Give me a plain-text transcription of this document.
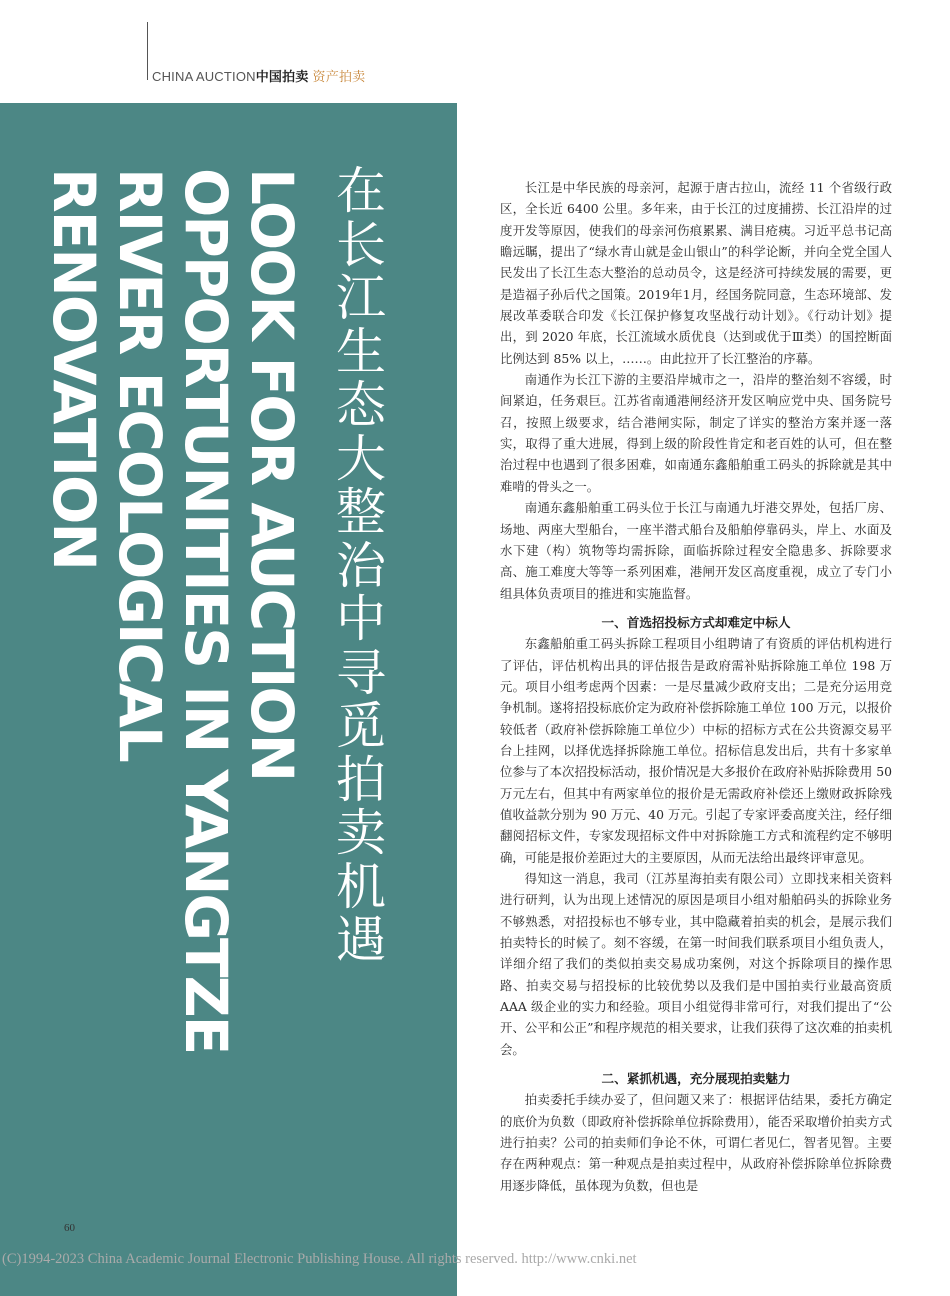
CHINA AUCTION中国拍卖 资产拍卖
LOOK FOR AUCTION
OPPORTUNITIES IN YANGTZE
RIVER ECOLOGICAL
RENOVATION	在长江生态大整治中寻觅拍卖机遇

长江是中华民族的母亲河，起源于唐古拉山，流经 11 个省级行政区，全长近 6400 公里。多年来，由于长江的过度捕捞、长江沿岸的过度开发等原因，使我们的母亲河伤痕累累、满目疮痍。习近平总书记高瞻远瞩，提出了“绿水青山就是金山银山”的科学论断，并向全党全国人民发出了长江生态大整治的总动员令，这是经济可持续发展的需要，更是造福子孙后代之国策。2019年1月，经国务院同意，生态环境部、发展改革委联合印发《长江保护修复攻坚战行动计划》。《行动计划》提出，到 2020 年底，长江流域水质优良（达到或优于Ⅲ类）的国控断面比例达到 85% 以上，……。由此拉开了长江整治的序幕。

南通作为长江下游的主要沿岸城市之一，沿岸的整治刻不容缓，时间紧迫，任务艰巨。江苏省南通港闸经济开发区响应党中央、国务院号召，按照上级要求，结合港闸实际，制定了详实的整治方案并逐一落实，取得了重大进展，得到上级的阶段性肯定和老百姓的认可，但在整治过程中也遇到了很多困难，如南通东鑫船舶重工码头的拆除就是其中难啃的骨头之一。

南通东鑫船舶重工码头位于长江与南通九圩港交界处，包括厂房、场地、两座大型船台，一座半潜式船台及船舶停靠码头，岸上、水面及水下建（构）筑物等均需拆除，面临拆除过程安全隐患多、拆除要求高、施工难度大等等一系列困难，港闸开发区高度重视，成立了专门小组具体负责项目的推进和实施监督。

一、首选招投标方式却难定中标人

东鑫船舶重工码头拆除工程项目小组聘请了有资质的评估机构进行了评估，评估机构出具的评估报告是政府需补贴拆除施工单位 198 万元。项目小组考虑两个因素：一是尽量减少政府支出；二是充分运用竞争机制。遂将招投标底价定为政府补偿拆除施工单位 100 万元，以报价较低者（政府补偿拆除施工单位少）中标的招标方式在公共资源交易平台上挂网，以择优选择拆除施工单位。招标信息发出后，共有十多家单位参与了本次招投标活动，报价情况是大多报价在政府补贴拆除费用 50 万元左右，但其中有两家单位的报价是无需政府补偿还上缴财政拆除残值收益款分别为 90 万元、40 万元。引起了专家评委高度关注，经仔细翻阅招标文件，专家发现招标文件中对拆除施工方式和流程约定不够明确，可能是报价差距过大的主要原因，从而无法给出最终评审意见。

得知这一消息，我司（江苏星海拍卖有限公司）立即找来相关资料进行研判，认为出现上述情况的原因是项目小组对船舶码头的拆除业务不够熟悉，对招投标也不够专业，其中隐藏着拍卖的机会，是展示我们拍卖特长的时候了。刻不容缓，在第一时间我们联系项目小组负责人，详细介绍了我们的类似拍卖交易成功案例，对这个拆除项目的操作思路、拍卖交易与招投标的比较优势以及我们是中国拍卖行业最高资质 AAA 级企业的实力和经验。项目小组觉得非常可行，对我们提出了“公开、公平和公正”和程序规范的相关要求，让我们获得了这次难的拍卖机会。

二、紧抓机遇，充分展现拍卖魅力

拍卖委托手续办妥了，但问题又来了：根据评估结果，委托方确定的底价为负数（即政府补偿拆除单位拆除费用），能否采取增价拍卖方式进行拍卖？公司的拍卖师们争论不休，可谓仁者见仁，智者见智。主要存在两种观点：第一种观点是拍卖过程中，从政府补偿拆除单位拆除费用逐步降低，虽体现为负数，但也是

60
(C)1994-2023 China Academic Journal Electronic Publishing House. All rights reserved. http://www.cnki.net
